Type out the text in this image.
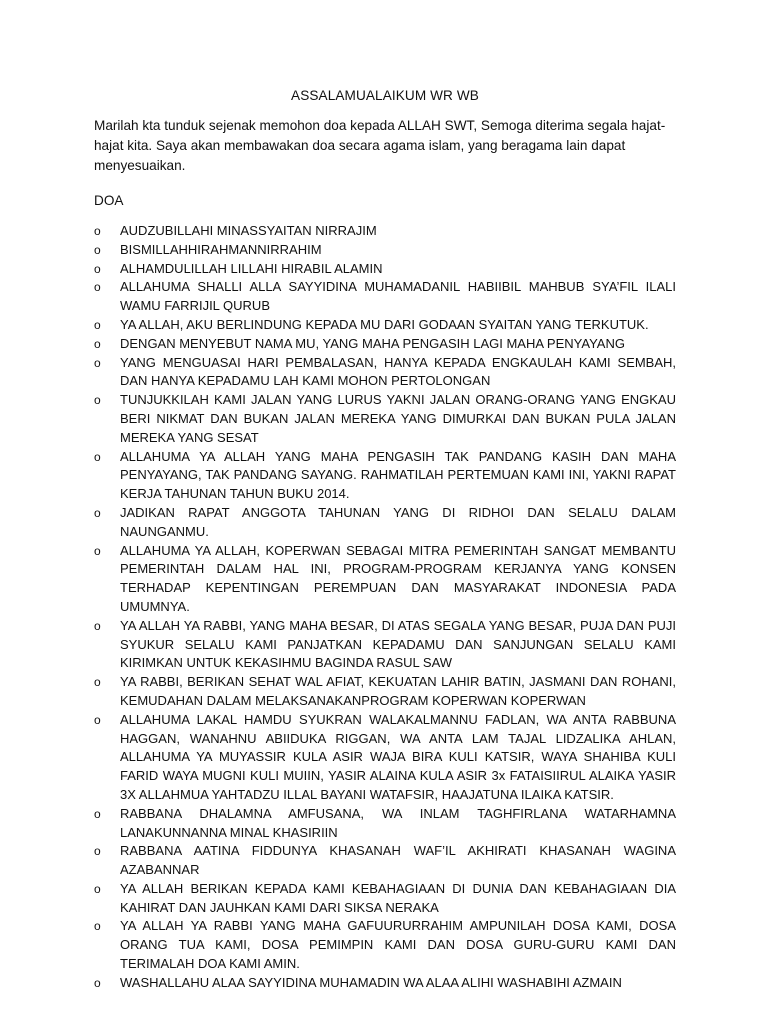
ASSALAMUALAIKUM WR WB
Marilah kta tunduk sejenak memohon doa kepada ALLAH SWT, Semoga diterima segala hajat-hajat kita. Saya akan membawakan doa secara agama islam, yang beragama lain dapat menyesuaikan.
DOA
o AUDZUBILLAHI MINASSYAITAN NIRRAJIM
o BISMILLAHHIRAHMANNIRRAHIM
o ALHAMDULILLAH LILLAHI HIRABIL ALAMIN
o ALLAHUMA SHALLI ALLA SAYYIDINA MUHAMADANIL HABIIBIL MAHBUB SYA’FIL ILALI WAMU FARRIJIL QURUB
o YA ALLAH, AKU BERLINDUNG KEPADA MU DARI GODAAN SYAITAN YANG TERKUTUK.
o DENGAN MENYEBUT NAMA MU, YANG MAHA PENGASIH LAGI MAHA PENYAYANG
o YANG MENGUASAI HARI PEMBALASAN, HANYA KEPADA ENGKAULAH KAMI SEMBAH, DAN HANYA KEPADAMU LAH KAMI MOHON PERTOLONGAN
o TUNJUKKILAH KAMI JALAN YANG LURUS YAKNI JALAN ORANG-ORANG YANG ENGKAU BERI NIKMAT DAN BUKAN JALAN MEREKA YANG DIMURKAI DAN BUKAN PULA JALAN MEREKA YANG SESAT
o ALLAHUMA YA ALLAH YANG MAHA PENGASIH TAK PANDANG KASIH DAN MAHA PENYAYANG, TAK PANDANG SAYANG. RAHMATILAH PERTEMUAN KAMI INI, YAKNI RAPAT KERJA TAHUNAN TAHUN BUKU 2014.
o JADIKAN RAPAT ANGGOTA TAHUNAN YANG DI RIDHOI DAN SELALU DALAM NAUNGANMU.
o ALLAHUMA YA ALLAH, KOPERWAN SEBAGAI MITRA PEMERINTAH SANGAT MEMBANTU PEMERINTAH DALAM HAL INI, PROGRAM-PROGRAM KERJANYA YANG KONSEN TERHADAP KEPENTINGAN PEREMPUAN DAN MASYARAKAT INDONESIA PADA UMUMNYA.
o YA ALLAH YA RABBI, YANG MAHA BESAR, DI ATAS SEGALA YANG BESAR, PUJA DAN PUJI SYUKUR SELALU KAMI PANJATKAN KEPADAMU DAN SANJUNGAN SELALU KAMI KIRIMKAN UNTUK KEKASIHMU BAGINDA RASUL SAW
o YA RABBI, BERIKAN SEHAT WAL AFIAT, KEKUATAN LAHIR BATIN, JASMANI DAN ROHANI, KEMUDAHAN DALAM MELAKSANAKANPROGRAM KOPERWAN KOPERWAN
o ALLAHUMA LAKAL HAMDU SYUKRAN WALAKALMANNU FADLAN, WA ANTA RABBUNA HAGGAN, WANAHNU ABIIDUKA RIGGAN, WA ANTA LAM TAJAL LIDZALIKA AHLAN, ALLAHUMA YA MUYASSIR KULA ASIR WAJA BIRA KULI KATSIR, WAYA SHAHIBA KULI FARID WAYA MUGNI KULI MUIIN, YASIR ALAINA KULA ASIR 3x FATAISIIRUL ALAIKA YASIR 3X ALLAHMUA YAHTADZU ILLAL BAYANI WATAFSIR, HAAJATUNA ILAIKA KATSIR.
o RABBANA DHALAMNA AMFUSANA, WA INLAM TAGHFIRLANA WATARHAMNA LANAKUNNANNA MINAL KHASIRIIN
o RABBANA AATINA FIDDUNYA KHASANAH WAF’IL AKHIRATI KHASANAH WAGINA AZABANNAR
o YA ALLAH BERIKAN KEPADA KAMI KEBAHAGIAAN DI DUNIA DAN KEBAHAGIAAN DIA KAHIRAT DAN JAUHKAN KAMI DARI SIKSA NERAKA
o YA ALLAH YA RABBI YANG MAHA GAFUURURRAHIM AMPUNILAH DOSA KAMI, DOSA ORANG TUA KAMI, DOSA PEMIMPIN KAMI DAN DOSA GURU-GURU KAMI DAN TERIMALAH DOA KAMI AMIN.
o WASHALLAHU ALAA SAYYIDINA MUHAMADIN WA ALAA ALIHI WASHABIHI AZMAIN
